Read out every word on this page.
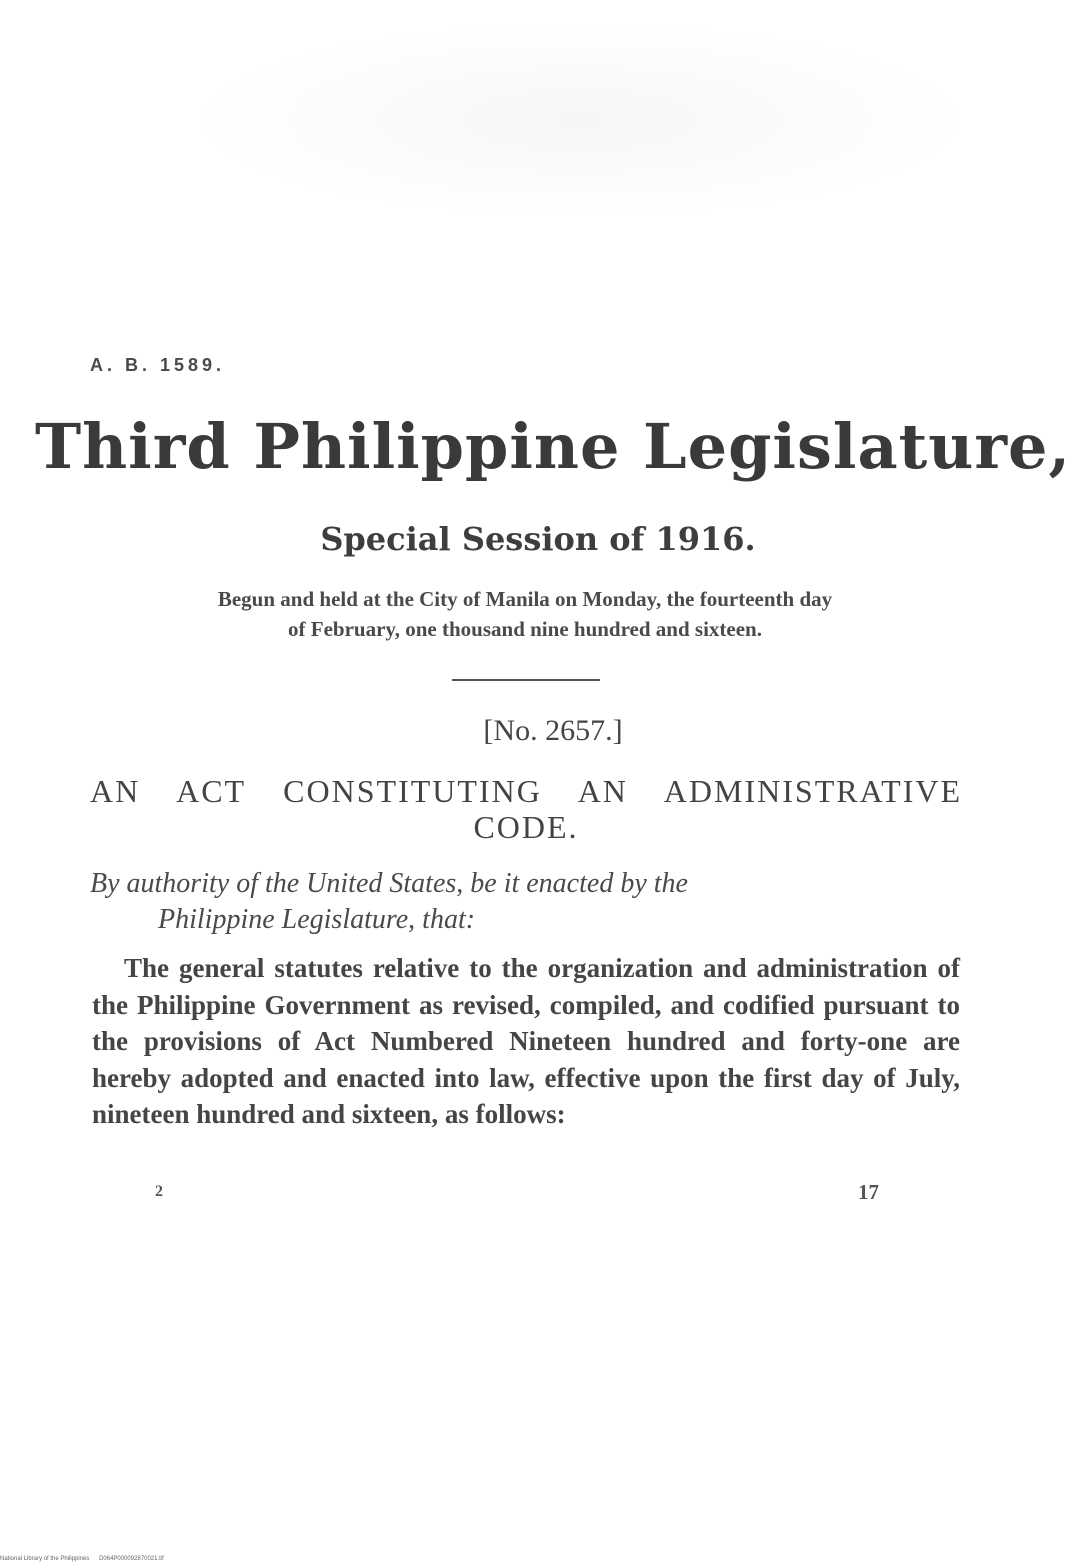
A. B. 1589.
Third Philippine Legislature,
Special Session of 1916.
Begun and held at the City of Manila on Monday, the fourteenth day
of February, one thousand nine hundred and sixteen.
[No. 2657.]
AN ACT CONSTITUTING AN ADMINISTRATIVE CODE.
By authority of the United States, be it enacted by the
Philippine Legislature, that:
The general statutes relative to the organization and administration of the Philippine Government as revised, compiled, and codified pursuant to the provisions of Act Numbered Nineteen hundred and forty-one are hereby adopted and enacted into law, effective upon the first day of July, nineteen hundred and sixteen, as follows:
2	17
National Library of the Philippines D064P000092870021.tif
